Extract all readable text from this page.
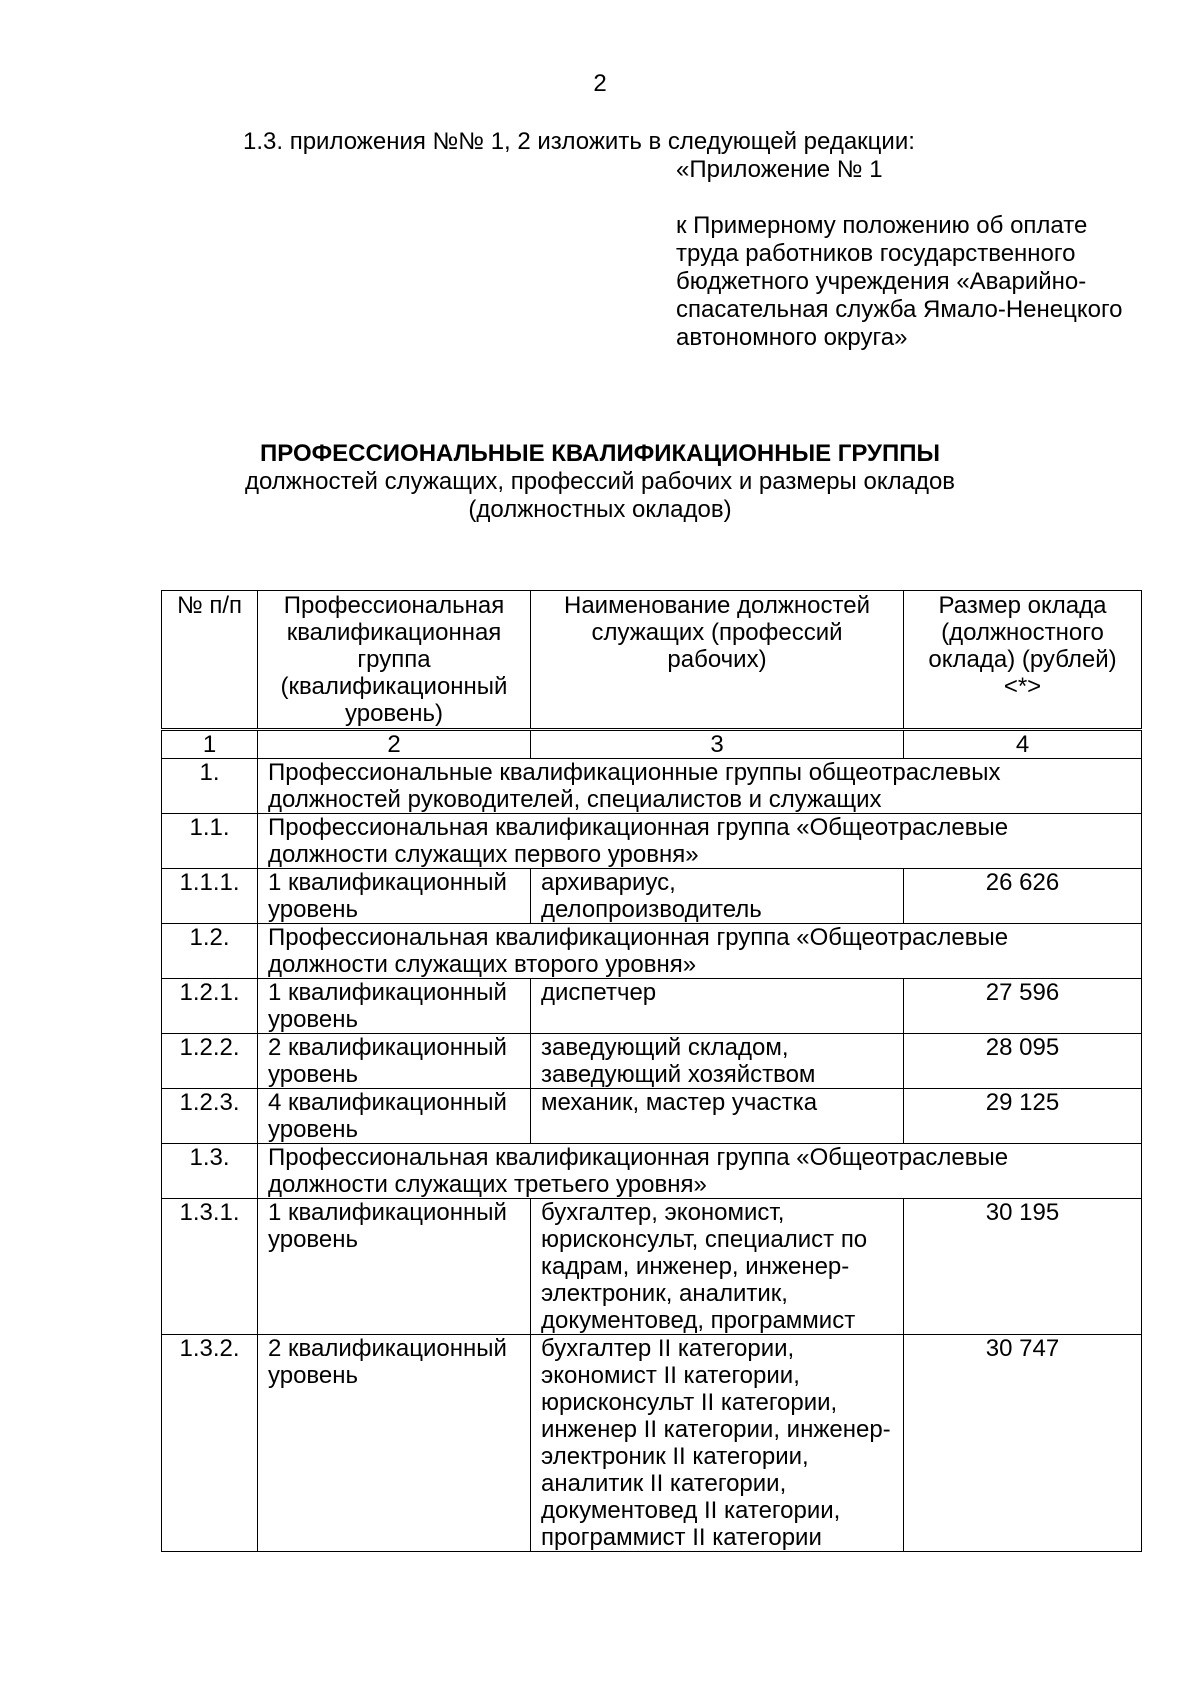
2
1.3. приложения №№ 1, 2 изложить в следующей редакции:

«Приложение № 1

к Примерному положению об оплате труда работников государственного бюджетного учреждения «Аварийно-спасательная служба Ямало-Ненецкого автономного округа»

ПРОФЕССИОНАЛЬНЫЕ КВАЛИФИКАЦИОННЫЕ ГРУППЫ
должностей служащих, профессий рабочих и размеры окладов
(должностных окладов)
№ п/п	Профессиональная квалификационная группа (квалификационный уровень)	Наименование должностей служащих (профессий рабочих)	Размер оклада (должностного оклада) (рублей) <*>
1	2	3	4
1.	Профессиональные квалификационные группы общеотраслевых должностей руководителей, специалистов и служащих		
1.1.	Профессиональная квалификационная группа «Общеотраслевые должности служащих первого уровня»		
1.1.1.	1 квалификационный уровень	архивариус, делопроизводитель	26 626
1.2.	Профессиональная квалификационная группа «Общеотраслевые должности служащих второго уровня»		
1.2.1.	1 квалификационный уровень	диспетчер	27 596
1.2.2.	2 квалификационный уровень	заведующий складом, заведующий хозяйством	28 095
1.2.3.	4 квалификационный уровень	механик, мастер участка	29 125
1.3.	Профессиональная квалификационная группа «Общеотраслевые должности служащих третьего уровня»		
1.3.1.	1 квалификационный уровень	бухгалтер, экономист, юрисконсульт, специалист по кадрам, инженер, инженер-электроник, аналитик, документовед, программист	30 195
1.3.2.	2 квалификационный уровень	бухгалтер II категории, экономист II категории, юрисконсульт II категории, инженер II категории, инженер-электроник II категории, аналитик II категории, документовед II категории, программист II категории	30 747
